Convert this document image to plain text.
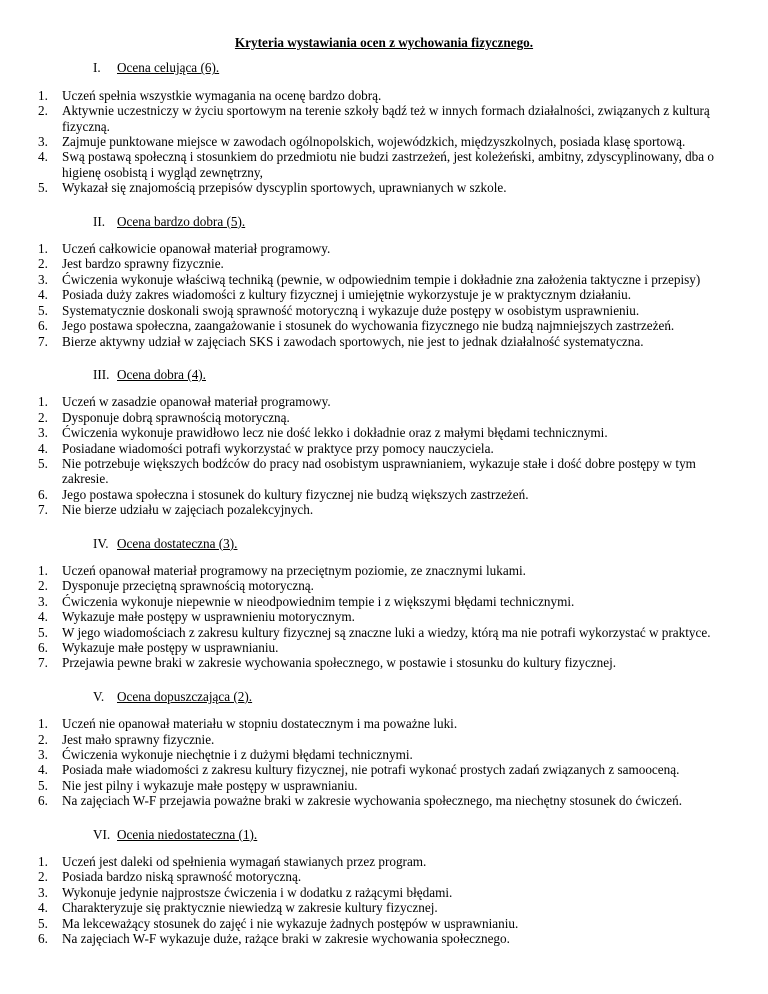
Kryteria wystawiania ocen z wychowania fizycznego.
I.	Ocena celująca (6).
1.	Uczeń spełnia wszystkie wymagania na ocenę bardzo dobrą.
2.	Aktywnie uczestniczy w życiu sportowym na terenie szkoły bądź też w innych formach działalności, związanych z kulturą fizyczną.
3.	Zajmuje punktowane miejsce w zawodach ogólnopolskich, wojewódzkich, międzyszkolnych, posiada klasę sportową.
4.	Swą postawą społeczną i stosunkiem do przedmiotu nie budzi zastrzeżeń, jest koleżeński, ambitny, zdyscyplinowany, dba o higienę osobistą i wygląd zewnętrzny,
5.	Wykazał się znajomością przepisów dyscyplin sportowych, uprawnianych w szkole.
II. Ocena bardzo dobra (5).
1.	Uczeń całkowicie opanował materiał programowy.
2.	Jest bardzo sprawny fizycznie.
3.	Ćwiczenia wykonuje właściwą techniką (pewnie, w odpowiednim tempie i dokładnie zna założenia taktyczne i przepisy)
4.	Posiada duży zakres wiadomości z kultury fizycznej i umiejętnie wykorzystuje je w praktycznym działaniu.
5.	Systematycznie doskonali swoją sprawność motoryczną i wykazuje duże postępy w osobistym usprawnieniu.
6.	Jego postawa społeczna, zaangażowanie i stosunek do wychowania fizycznego nie budzą najmniejszych zastrzeżeń.
7.	Bierze aktywny udział w zajęciach SKS i zawodach sportowych, nie jest to jednak działalność systematyczna.
III. Ocena dobra (4).
1.	Uczeń w zasadzie opanował materiał programowy.
2.	Dysponuje dobrą sprawnością motoryczną.
3.	Ćwiczenia wykonuje prawidłowo lecz nie dość lekko i dokładnie oraz z małymi błędami technicznymi.
4.	Posiadane wiadomości potrafi wykorzystać w praktyce przy pomocy nauczyciela.
5.	Nie potrzebuje większych bodźców do pracy nad osobistym usprawnianiem, wykazuje stałe i dość dobre postępy w tym zakresie.
6.	Jego postawa społeczna i stosunek do kultury fizycznej nie budzą większych zastrzeżeń.
7.	Nie bierze udziału w zajęciach pozalekcyjnych.
IV. Ocena dostateczna (3).
1.	Uczeń opanował materiał programowy na przeciętnym poziomie, ze znacznymi lukami.
2.	Dysponuje przeciętną sprawnością motoryczną.
3.	Ćwiczenia wykonuje niepewnie w nieodpowiednim tempie i z większymi błędami technicznymi.
4.	Wykazuje małe postępy w usprawnieniu motorycznym.
5.	W jego wiadomościach z zakresu kultury fizycznej są znaczne luki a wiedzy, którą ma nie potrafi wykorzystać w praktyce.
6.	Wykazuje małe postępy w usprawnianiu.
7.	Przejawia pewne braki w zakresie wychowania społecznego, w postawie i stosunku do kultury fizycznej.
V. Ocena dopuszczająca (2).
1.	Uczeń nie opanował materiału w stopniu dostatecznym i ma poważne luki.
2.	Jest mało sprawny fizycznie.
3.	Ćwiczenia wykonuje niechętnie i z dużymi błędami technicznymi.
4.	Posiada małe wiadomości z zakresu kultury fizycznej, nie potrafi wykonać prostych zadań związanych z samooceną.
5.	Nie jest pilny i wykazuje małe postępy w usprawnianiu.
6.	Na zajęciach W-F przejawia poważne braki w zakresie wychowania społecznego, ma niechętny stosunek do ćwiczeń.
VI. Ocenia niedostateczna (1).
1.	Uczeń jest daleki od spełnienia wymagań stawianych przez program.
2.	Posiada bardzo niską sprawność motoryczną.
3.	Wykonuje jedynie najprostsze ćwiczenia i w dodatku z rażącymi błędami.
4.	Charakteryzuje się praktycznie niewiedzą w zakresie kultury fizycznej.
5.	Ma lekceważący stosunek do zajęć i nie wykazuje żadnych postępów w usprawnianiu.
6.	Na zajęciach W-F wykazuje duże, rażące braki w zakresie wychowania społecznego.
